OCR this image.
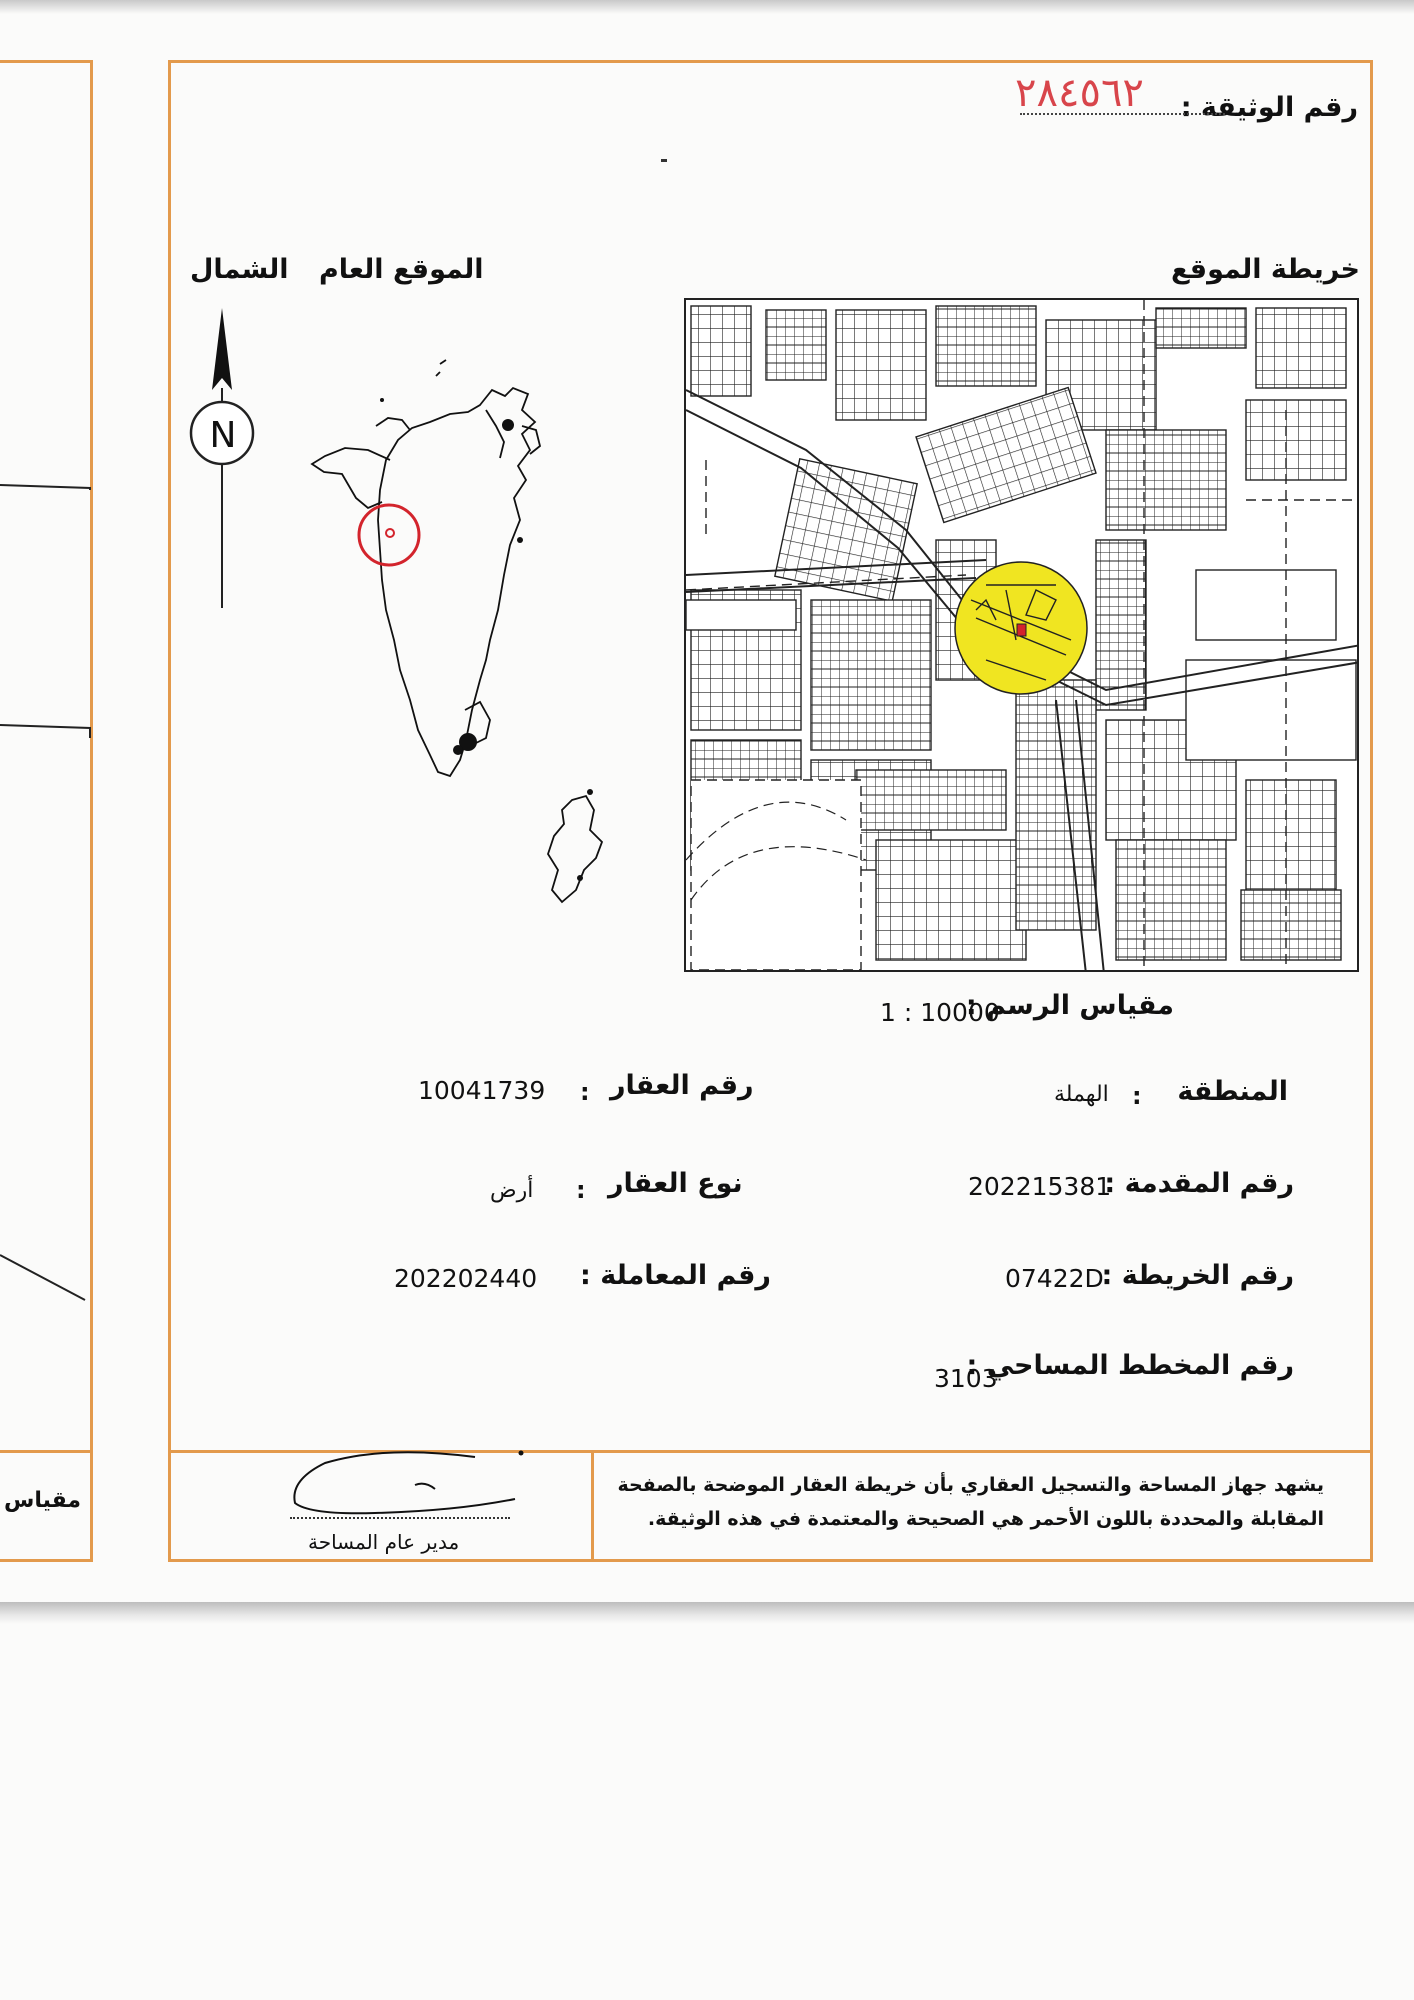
مقياس
رقم الوثيقة :
٢٨٤٥٦٢
خريطة الموقع
الموقع العام
الشمال
N
مقياس الرسم :
1 : 10000
المنطقة
:
الهملة
رقم العقار
:
10041739
رقم المقدمة :
202215381
نوع العقار
:
أرض
رقم الخريطة :
07422D
رقم المعاملة :
202202440
رقم المخطط المساحي :
3103
يشهد جهاز المساحة والتسجيل العقاري بأن خريطة العقار الموضحة بالصفحة
المقابلة والمحددة باللون الأحمر هي الصحيحة والمعتمدة في هذه الوثيقة.
مدير عام المساحة
